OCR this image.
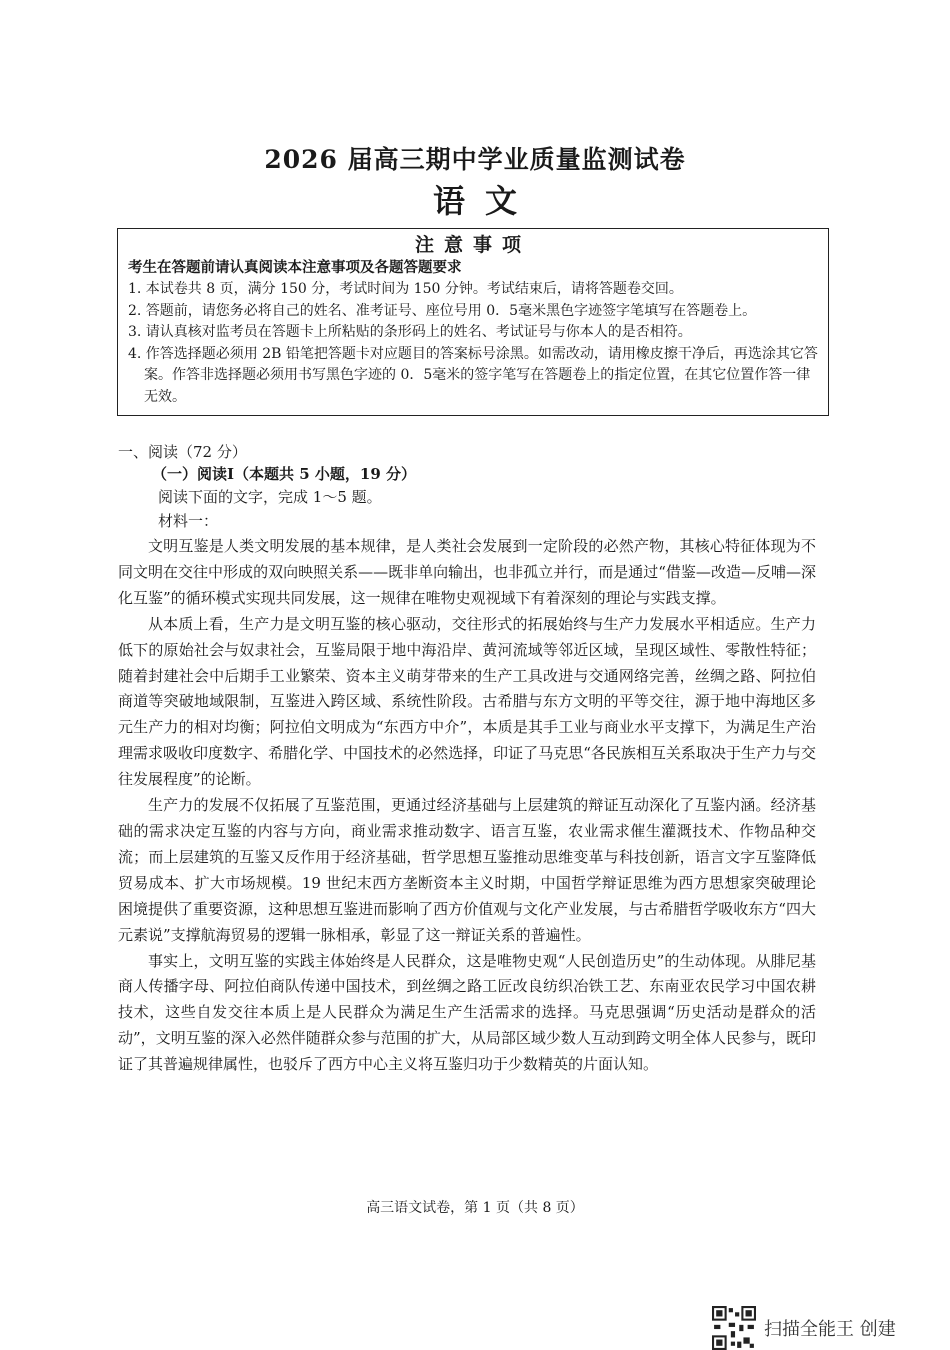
2026 届高三期中学业质量监测试卷
语文
注意事项
考生在答题前请认真阅读本注意事项及各题答题要求
1. 本试卷共 8 页，满分 150 分，考试时间为 150 分钟。考试结束后，请将答题卷交回。
2. 答题前，请您务必将自己的姓名、准考证号、座位号用 0．5毫米黑色字迹签字笔填写在答题卷上。
3. 请认真核对监考员在答题卡上所粘贴的条形码上的姓名、考试证号与你本人的是否相符。
4. 作答选择题必须用 2B 铅笔把答题卡对应题目的答案标号涂黑。如需改动，请用橡皮擦干净后，再选涂其它答案。作答非选择题必须用书写黑色字迹的 0．5毫米的签字笔写在答题卷上的指定位置，在其它位置作答一律无效。
一、阅读（72 分）
（一）阅读Ⅰ（本题共 5 小题，19 分）
阅读下面的文字，完成 1～5 题。
材料一：

文明互鉴是人类文明发展的基本规律，是人类社会发展到一定阶段的必然产物，其核心特征体现为不同文明在交往中形成的双向映照关系——既非单向输出，也非孤立并行，而是通过“借鉴—改造—反哺—深化互鉴”的循环模式实现共同发展，这一规律在唯物史观视域下有着深刻的理论与实践支撑。

从本质上看，生产力是文明互鉴的核心驱动，交往形式的拓展始终与生产力发展水平相适应。生产力低下的原始社会与奴隶社会，互鉴局限于地中海沿岸、黄河流域等邻近区域，呈现区域性、零散性特征；随着封建社会中后期手工业繁荣、资本主义萌芽带来的生产工具改进与交通网络完善，丝绸之路、阿拉伯商道等突破地域限制，互鉴进入跨区域、系统性阶段。古希腊与东方文明的平等交往，源于地中海地区多元生产力的相对均衡；阿拉伯文明成为“东西方中介”，本质是其手工业与商业水平支撑下，为满足生产治理需求吸收印度数字、希腊化学、中国技术的必然选择，印证了马克思“各民族相互关系取决于生产力与交往发展程度”的论断。

生产力的发展不仅拓展了互鉴范围，更通过经济基础与上层建筑的辩证互动深化了互鉴内涵。经济基础的需求决定互鉴的内容与方向，商业需求推动数字、语言互鉴，农业需求催生灌溉技术、作物品种交流；而上层建筑的互鉴又反作用于经济基础，哲学思想互鉴推动思维变革与科技创新，语言文字互鉴降低贸易成本、扩大市场规模。19 世纪末西方垄断资本主义时期，中国哲学辩证思维为西方思想家突破理论困境提供了重要资源，这种思想互鉴进而影响了西方价值观与文化产业发展，与古希腊哲学吸收东方“四大元素说”支撑航海贸易的逻辑一脉相承，彰显了这一辩证关系的普遍性。

事实上，文明互鉴的实践主体始终是人民群众，这是唯物史观“人民创造历史”的生动体现。从腓尼基商人传播字母、阿拉伯商队传递中国技术，到丝绸之路工匠改良纺织冶铁工艺、东南亚农民学习中国农耕技术，这些自发交往本质上是人民群众为满足生产生活需求的选择。马克思强调“历史活动是群众的活动”，文明互鉴的深入必然伴随群众参与范围的扩大，从局部区域少数人互动到跨文明全体人民参与，既印证了其普遍规律属性，也驳斥了西方中心主义将互鉴归功于少数精英的片面认知。

高三语文试卷，第 1 页（共 8 页）
扫描全能王 创建
